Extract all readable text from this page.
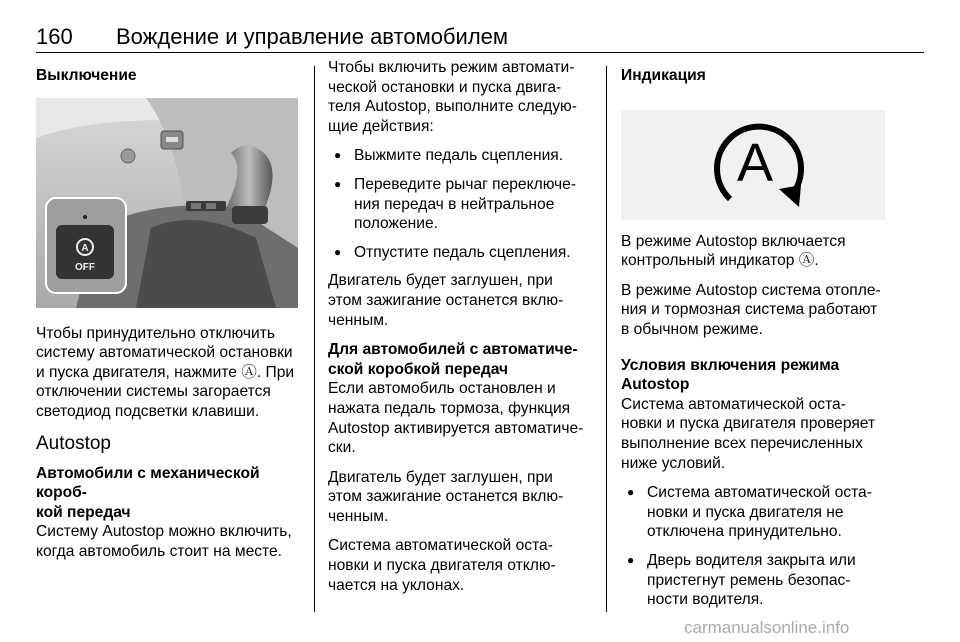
160 Вождение и управление автомобилем
Выключение
A
OFF
Чтобы принудительно отключить
систему автоматической остановки
и пуска двигателя, нажмите Ⓐ. При
отключении системы загорается
светодиод подсветки клавиши.
Autostop
Автомобили с механической короб-
кой передач
Систему Autostop можно включить,
когда автомобиль стоит на месте.
Чтобы включить режим автомати-
ческой остановки и пуска двига-
теля Autostop, выполните следую-
щие действия:
● Выжмите педаль сцепления.
● Переведите рычаг переключе-
ния передач в нейтральное
положение.
● Отпустите педаль сцепления.
Двигатель будет заглушен, при
этом зажигание останется вклю-
ченным.
Для автомобилей с автоматиче-
ской коробкой передач
Если автомобиль остановлен и
нажата педаль тормоза, функция
Autostop активируется автоматиче-
ски.
Двигатель будет заглушен, при
этом зажигание останется вклю-
ченным.
Система автоматической оста-
новки и пуска двигателя отклю-
чается на уклонах.
Индикация
A
В режиме Autostop включается
контрольный индикатор Ⓐ.
В режиме Autostop система отопле-
ния и тормозная система работают
в обычном режиме.
Условия включения режима
Autostop
Система автоматической оста-
новки и пуска двигателя проверяет
выполнение всех перечисленных
ниже условий.
● Система автоматической оста-
новки и пуска двигателя не
отключена принудительно.
● Дверь водителя закрыта или
пристегнут ремень безопас-
ности водителя.
carmanualsonline.info
